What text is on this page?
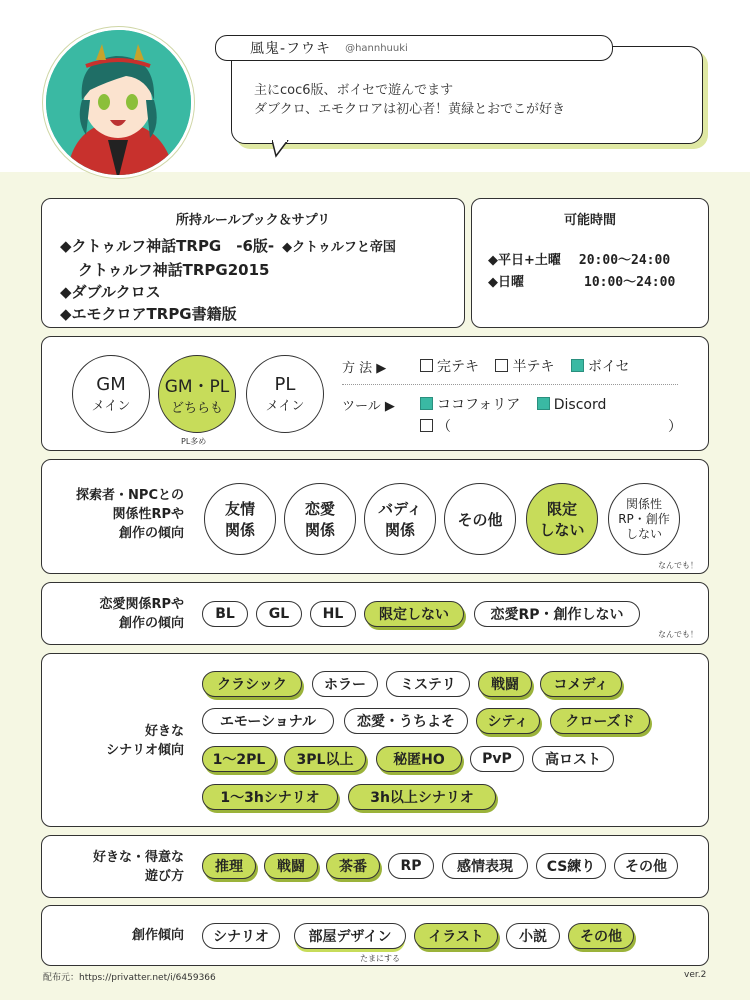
風鬼-フウキ @hannhuuki
主にcoc6版、ボイセで遊んでます
ダブクロ、エモクロアは初心者！黄緑とおでこが好き
所持ルールブック＆サプリ
◆クトゥルフ神話TRPG　-6版- ◆クトゥルフと帝国
クトゥルフ神話TRPG2015
◆ダブルクロス
◆エモクロアTRPG書籍版
可能時間
◆平日+土曜 20:00〜24:00
◆日曜	10:00〜24:00
GM
メイン
GM・PL
どちらも
PL
メイン
PL多め
方 法 ▶	完テキ 半テキ ボイセ
ツール ▶	ココフォリア Discord
（	）
探索者・NPCとの
関係性RPや
創作の傾向
友情
関係
恋愛
関係
バディ
関係
その他
限定
しない
関係性
RP・創作
しない
なんでも！
恋愛関係RPや
創作の傾向
BL	GL	HL	限定しない	恋愛RP・創作しない
なんでも！
好きな
シナリオ傾向
クラシック	ホラー	ミステリ	戦闘	コメディ
エモーショナル	恋愛・うちよそ	シティ	クローズド
1〜2PL	3PL以上	秘匿HO	PvP	高ロスト
1〜3hシナリオ	3h以上シナリオ
好きな・得意な
遊び方
推理	戦闘	茶番	RP	感情表現	CS練り	その他
創作傾向	シナリオ	部屋デザイン	イラスト	小説	その他
たまにする
配布元：https://privatter.net/i/6459366	ver.2
